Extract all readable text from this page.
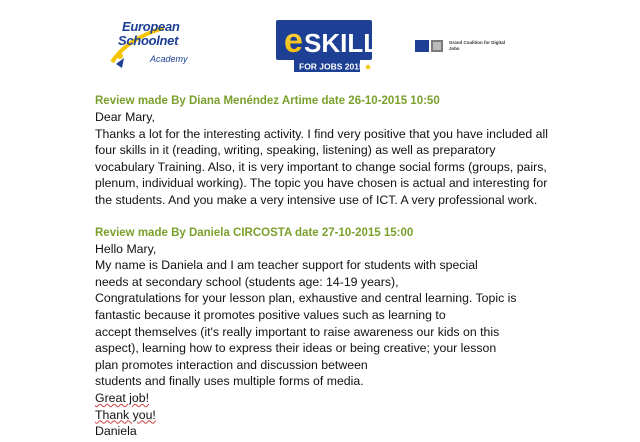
European
Schoolnet
Academy	e SKILLS
FOR JOBS 2015 ★
Grand Coalition for Digital Jobs

Review made By Diana Menéndez Artime date 26-10-2015 10:50

Dear Mary,

Thanks a lot for the interesting activity. I find very positive that you have included all

four skills in it (reading, writing, speaking, listening) as well as preparatory

vocabulary Training. Also, it is very important to change social forms (groups, pairs,

plenum, individual working). The topic you have chosen is actual and interesting for

the students. And you make a very intensive use of ICT. A very professional work.

Review made By Daniela CIRCOSTA date 27-10-2015 15:00

Hello Mary,

My name is Daniela and I am teacher support for students with special

needs at secondary school (students age: 14-19 years),

Congratulations for your lesson plan, exhaustive and central learning. Topic is

fantastic because it promotes positive values such as learning to

accept themselves (it's really important to raise awareness our kids on this

aspect), learning how to express their ideas or being creative; your lesson

plan promotes interaction and discussion between

students and finally uses multiple forms of media.

Great job!

Thank you!

Daniela
